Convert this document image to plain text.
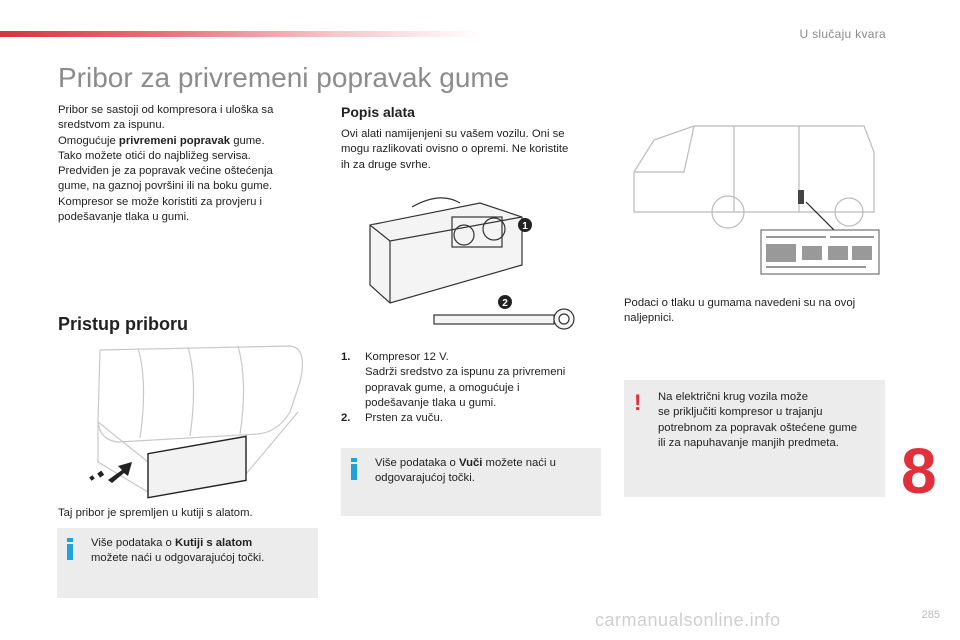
U slučaju kvara
Pribor za privremeni popravak gume

Pribor se sastoji od kompresora i uloška sa

sredstvom za ispunu.

Omogućuje privremeni popravak gume.

Tako možete otići do najbližeg servisa.

Predviđen je za popravak većine oštećenja

gume, na gaznoj površini ili na boku gume.

Kompresor se može koristiti za provjeru i

podešavanje tlaka u gumi.

Pristup priboru
Taj pribor je spremljen u kutiji s alatom.
Više podataka o Kutiji s alatom
možete naći u odgovarajućoj točki.
Popis alata

Ovi alati namijenjeni su vašem vozilu. Oni se

mogu razlikovati ovisno o opremi. Ne koristite

ih za druge svrhe.

1
2
1.	Kompresor 12 V.
Sadrži sredstvo za ispunu za privremeni
popravak gume, a omogućuje i
podešavanje tlaka u gumi.
2.	Prsten za vuču.
Više podataka o Vuči možete naći u
odgovarajućoj točki.

Podaci o tlaku u gumama navedeni su na ovoj

naljepnici.

! Na električni krug vozila može
se priključiti kompresor u trajanju
potrebnom za popravak oštećene gume
ili za napuhavanje manjih predmeta. 8
carmanualsonline.info	285
